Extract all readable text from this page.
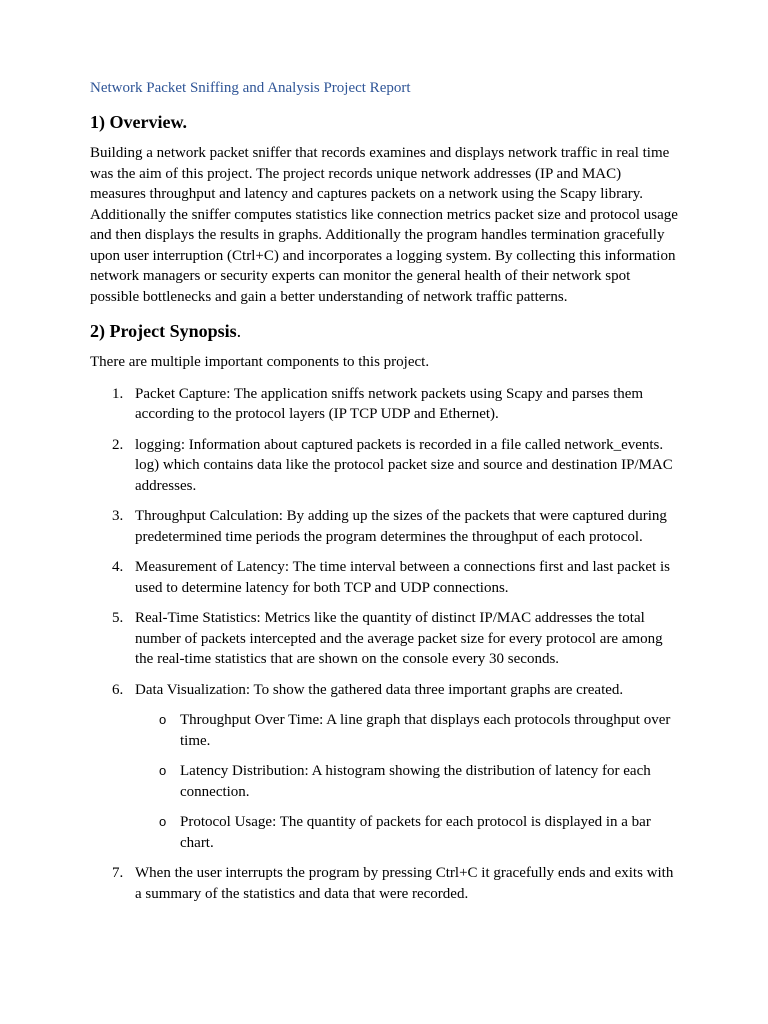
Network Packet Sniffing and Analysis Project Report

1) Overview.

Building a network packet sniffer that records examines and displays network traffic in real time was the aim of this project. The project records unique network addresses (IP and MAC) measures throughput and latency and captures packets on a network using the Scapy library. Additionally the sniffer computes statistics like connection metrics packet size and protocol usage and then displays the results in graphs. Additionally the program handles termination gracefully upon user interruption (Ctrl+C) and incorporates a logging system. By collecting this information network managers or security experts can monitor the general health of their network spot possible bottlenecks and gain a better understanding of network traffic patterns.

2) Project Synopsis.

There are multiple important components to this project.

1. Packet Capture: The application sniffs network packets using Scapy and parses them according to the protocol layers (IP TCP UDP and Ethernet).
2. logging: Information about captured packets is recorded in a file called network_events. log) which contains data like the protocol packet size and source and destination IP/MAC addresses.
3. Throughput Calculation: By adding up the sizes of the packets that were captured during predetermined time periods the program determines the throughput of each protocol.
4. Measurement of Latency: The time interval between a connections first and last packet is used to determine latency for both TCP and UDP connections.
5. Real-Time Statistics: Metrics like the quantity of distinct IP/MAC addresses the total number of packets intercepted and the average packet size for every protocol are among the real-time statistics that are shown on the console every 30 seconds.
6. Data Visualization: To show the gathered data three important graphs are created.
o Throughput Over Time: A line graph that displays each protocols throughput over time.
o Latency Distribution: A histogram showing the distribution of latency for each connection.
o Protocol Usage: The quantity of packets for each protocol is displayed in a bar chart.
7. When the user interrupts the program by pressing Ctrl+C it gracefully ends and exits with a summary of the statistics and data that were recorded.
